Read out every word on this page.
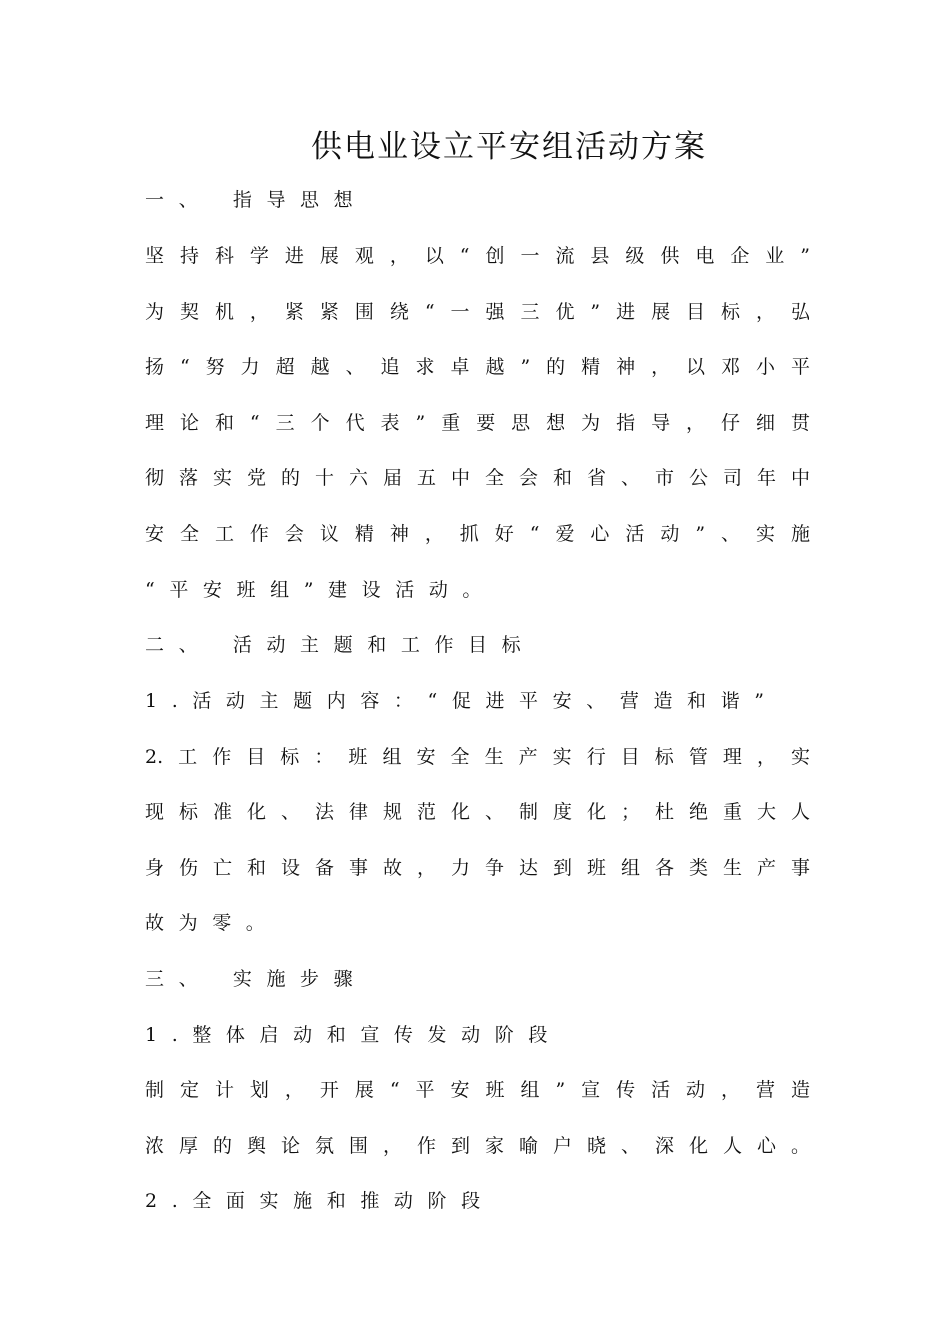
供电业设立平安组活动方案

一、 指导思想

坚持科学进展观，以“创一流县级供电企业”

为契机，紧紧围绕“一强三优”进展目标，弘

扬“努力超越、追求卓越”的精神，以邓小平

理论和“三个代表”重要思想为指导，仔细贯

彻落实党的十六届五中全会和省、市公司年中

安全工作会议精神，抓好“爱心活动”、实施

“平安班组”建设活动。

二、 活动主题和工作目标

1.活动主题内容：“促进平安、营造和谐”

2.工作目标：班组安全生产实行目标管理，实

现标准化、法律规范化、制度化；杜绝重大人

身伤亡和设备事故，力争达到班组各类生产事

故为零。

三、 实施步骤

1.整体启动和宣传发动阶段

制定计划，开展“平安班组”宣传活动，营造

浓厚的舆论氛围，作到家喻户晓、深化人心。

2.全面实施和推动阶段
